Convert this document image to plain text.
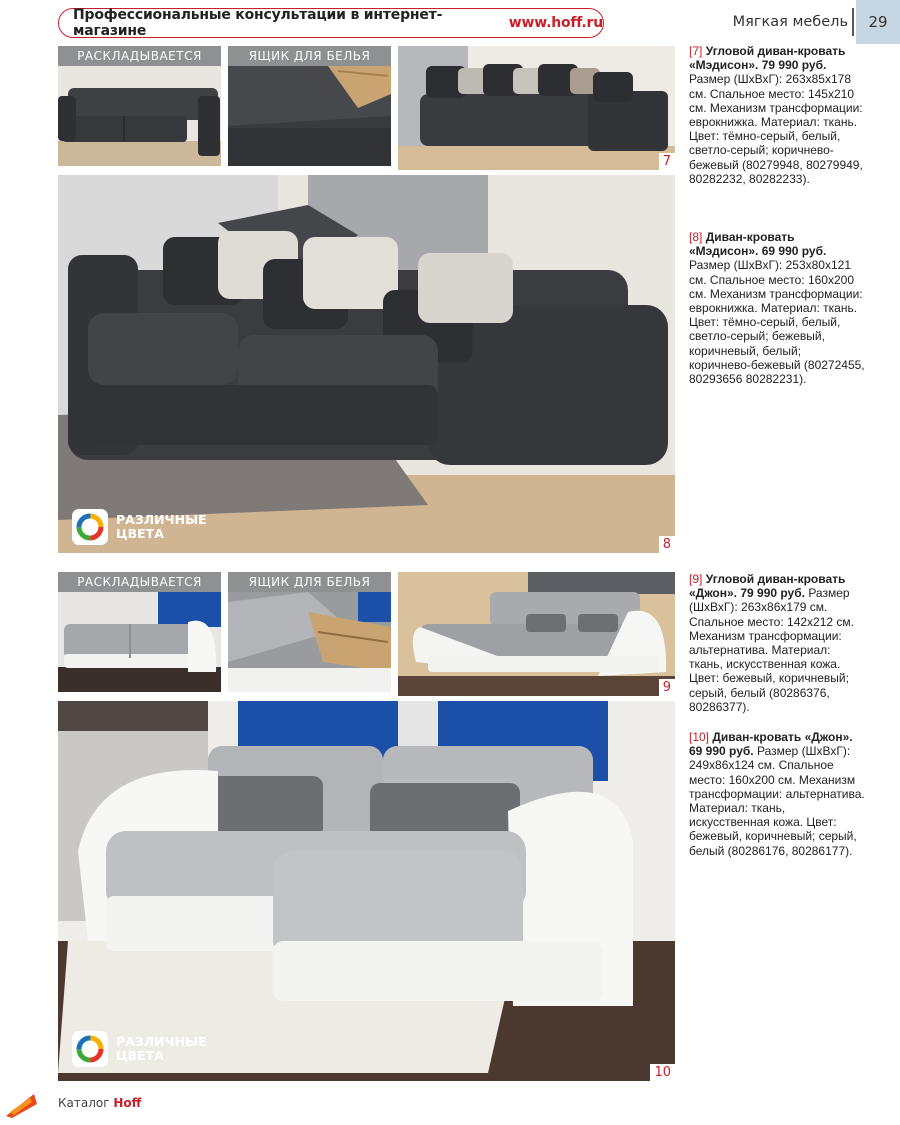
Профессиональные консультации в интернет-магазине	www.hoff.ru	Мягкая мебель	29
РАСКЛАДЫВАЕТСЯ	ЯЩИК ДЛЯ БЕЛЬЯ
7
РАЗЛИЧНЫЕ ЦВЕТА
8
РАСКЛАДЫВАЕТСЯ	ЯЩИК ДЛЯ БЕЛЬЯ
9
РАЗЛИЧНЫЕ ЦВЕТА
10
[7] Угловой диван-кровать «Мэдисон». 79 990 руб. Размер (ШхВхГ): 263х85х178 см. Спальное место: 145х210 см. Механизм трансформации: еврокнижка. Материал: ткань. Цвет: тёмно-серый, белый, светло-серый; коричнево-бежевый (80279948, 80279949, 80282232, 80282233).
[8] Диван-кровать «Мэдисон». 69 990 руб. Размер (ШхВхГ): 253х80х121 см. Спальное место: 160х200 см. Механизм трансформации: еврокнижка. Материал: ткань. Цвет: тёмно-серый, белый, светло-серый; бежевый, коричневый, белый; коричнево-бежевый (80272455, 80293656 80282231).
[9] Угловой диван-кровать «Джон». 79 990 руб. Размер (ШхВхГ): 263х86х179 см. Спальное место: 142х212 см. Механизм трансформации: альтернатива. Материал: ткань, искусственная кожа. Цвет: бежевый, коричневый; серый, белый (80286376, 80286377).
[10] Диван-кровать «Джон». 69 990 руб. Размер (ШхВхГ): 249х86х124 см. Спальное место: 160х200 см. Механизм трансформации: альтернатива. Материал: ткань, искусственная кожа. Цвет: бежевый, коричневый; серый, белый (80286176, 80286177).
Каталог Hoff
